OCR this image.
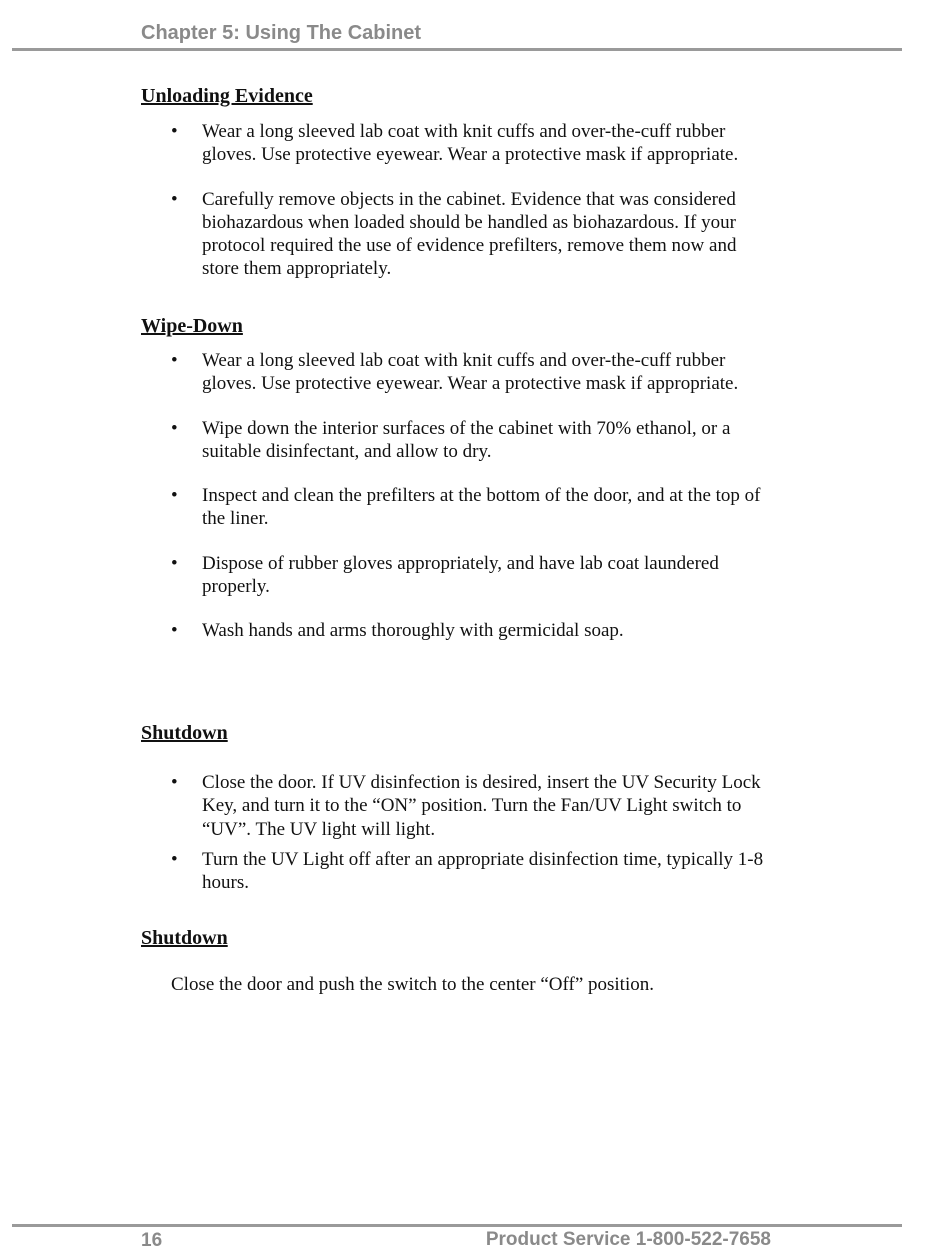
Chapter 5: Using The Cabinet
Unloading Evidence
• Wear a long sleeved lab coat with knit cuffs and over-the-cuff rubber gloves. Use protective eyewear. Wear a protective mask if appropriate.
• Carefully remove objects in the cabinet. Evidence that was considered biohazardous when loaded should be handled as biohazardous. If your protocol required the use of evidence prefilters, remove them now and store them appropriately.
Wipe-Down
• Wear a long sleeved lab coat with knit cuffs and over-the-cuff rubber gloves. Use protective eyewear. Wear a protective mask if appropriate.
• Wipe down the interior surfaces of the cabinet with 70% ethanol, or a suitable disinfectant, and allow to dry.
• Inspect and clean the prefilters at the bottom of the door, and at the top of the liner.
• Dispose of rubber gloves appropriately, and have lab coat laundered properly.
• Wash hands and arms thoroughly with germicidal soap.
Shutdown
• Close the door. If UV disinfection is desired, insert the UV Security Lock Key, and turn it to the “ON” position. Turn the Fan/UV Light switch to “UV”. The UV light will light.
• Turn the UV Light off after an appropriate disinfection time, typically 1-8 hours.
Shutdown

Close the door and push the switch to the center “Off” position.

16	Product Service 1-800-522-7658
